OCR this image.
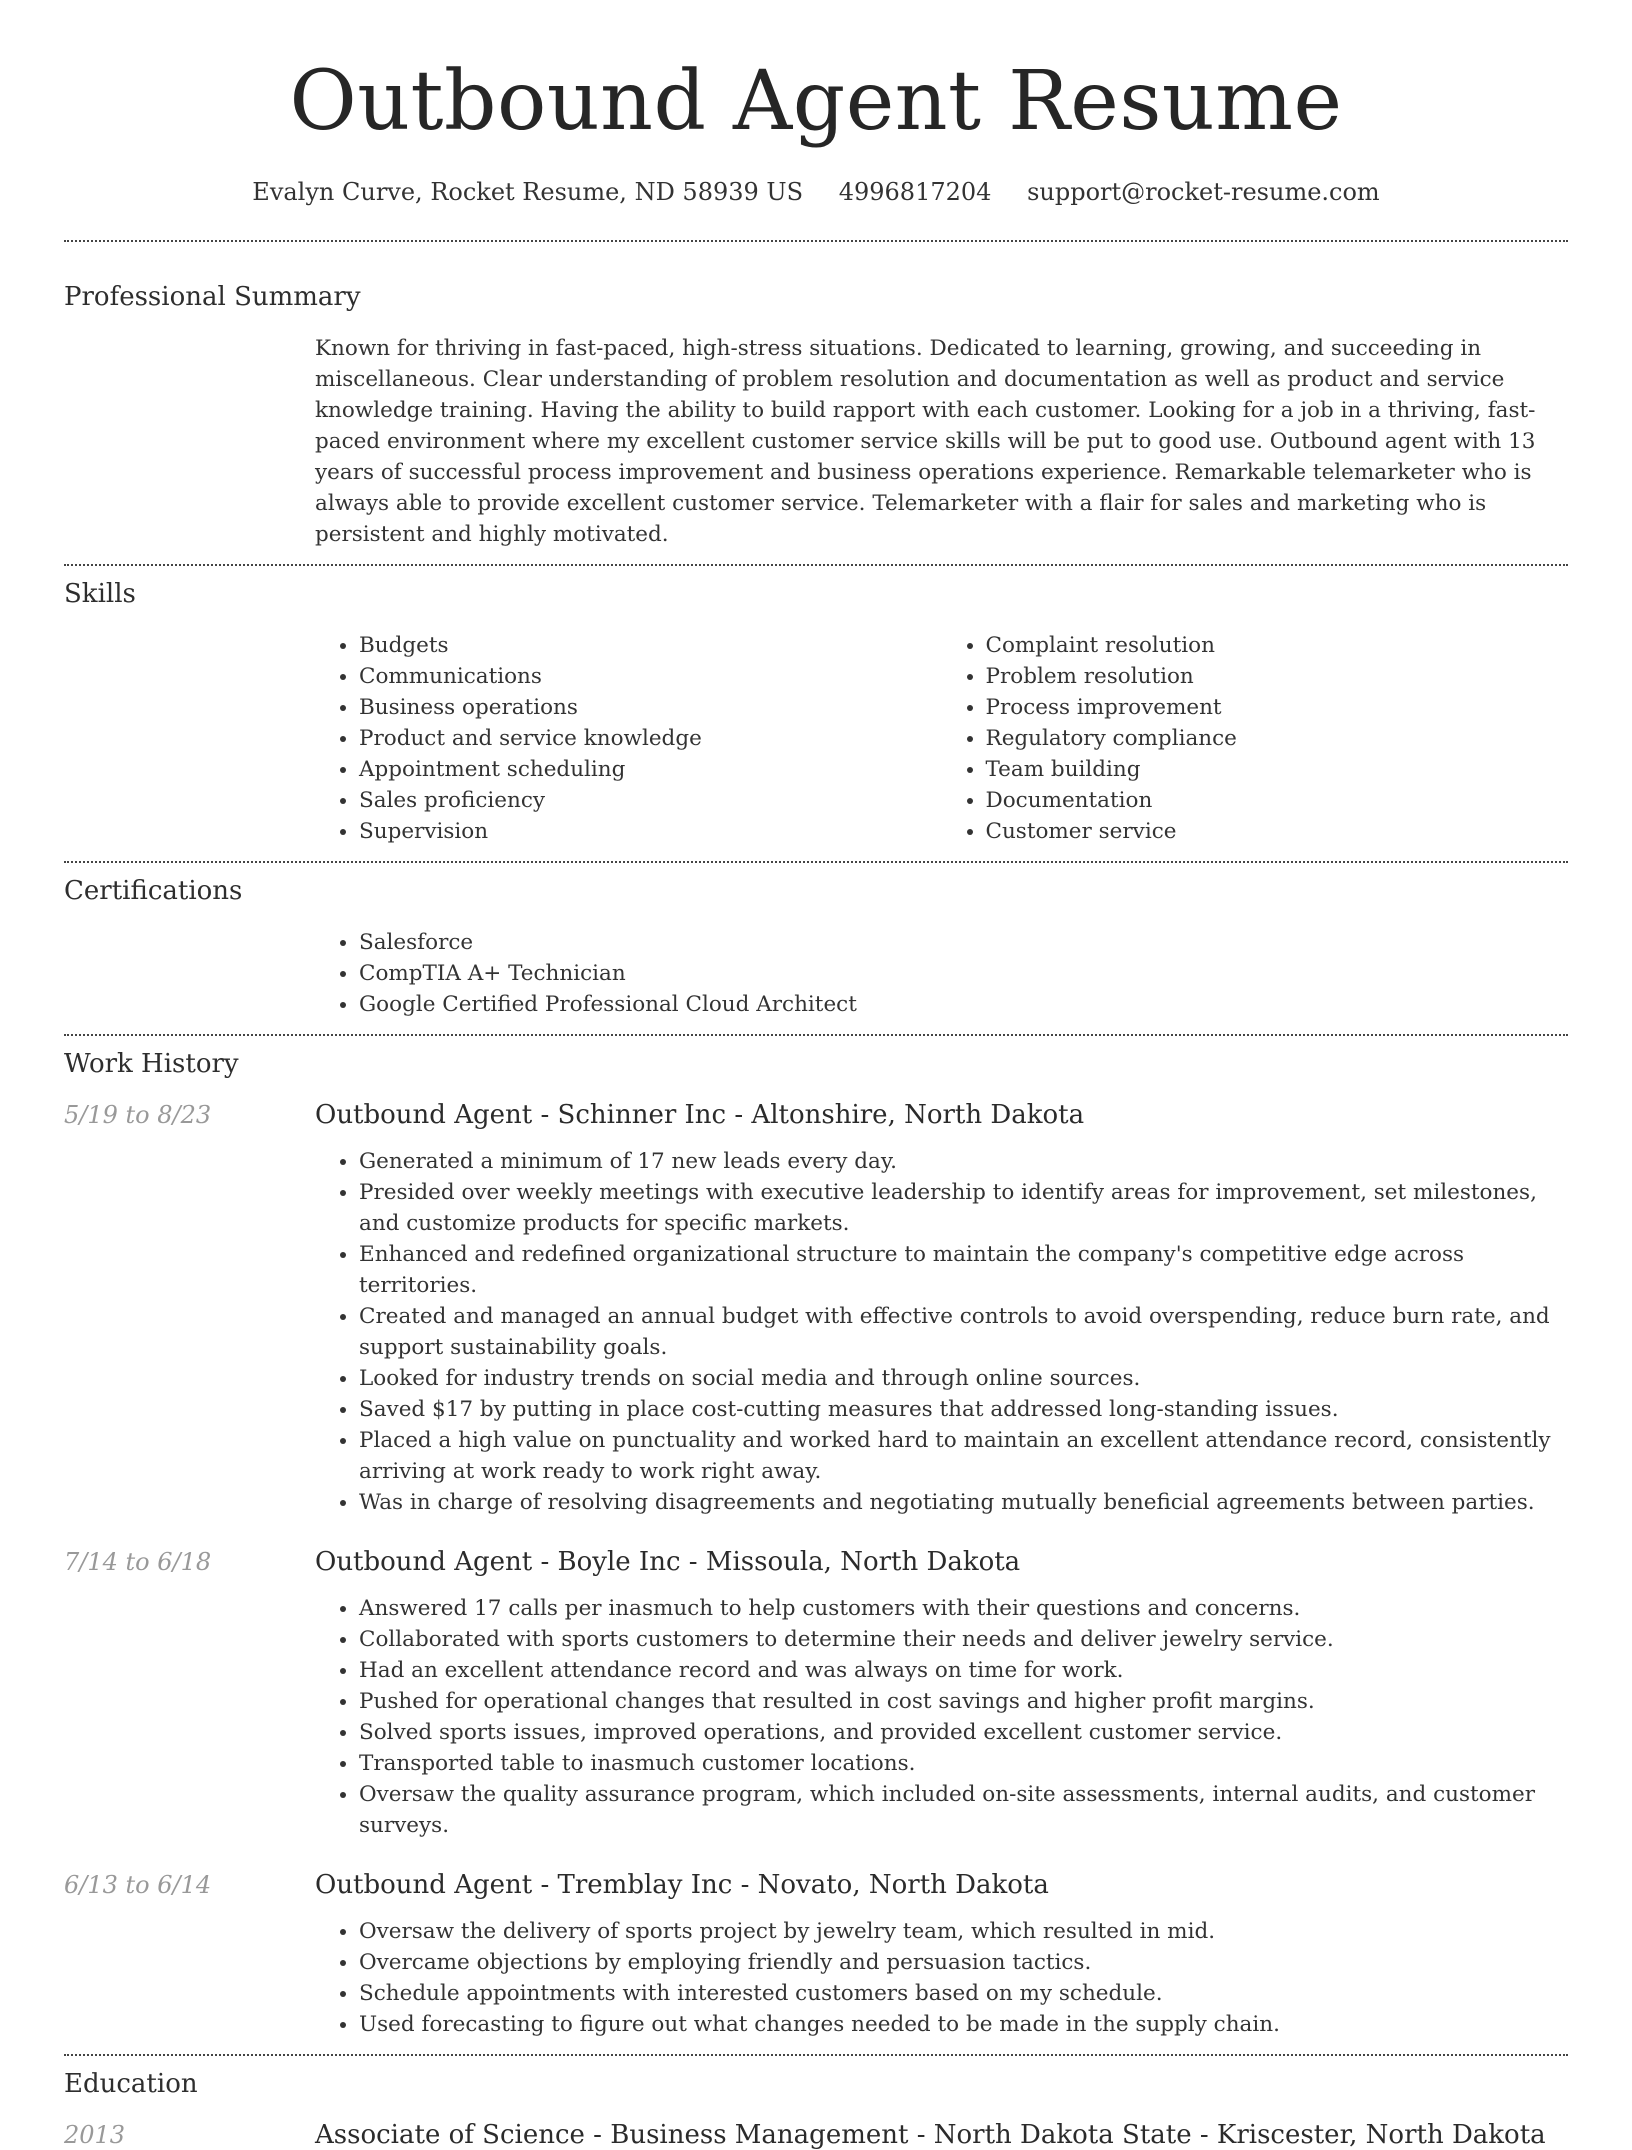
Outbound Agent Resume
Evalyn Curve, Rocket Resume, ND 58939 US 4996817204 support@rocket-resume.com
Professional Summary
Known for thriving in fast-paced, high-stress situations. Dedicated to learning, growing, and succeeding in miscellaneous. Clear understanding of problem resolution and documentation as well as product and service knowledge training. Having the ability to build rapport with each customer. Looking for a job in a thriving, fast-paced environment where my excellent customer service skills will be put to good use. Outbound agent with 13 years of successful process improvement and business operations experience. Remarkable telemarketer who is always able to provide excellent customer service. Telemarketer with a flair for sales and marketing who is persistent and highly motivated.
Skills
• Budgets
• Communications
• Business operations
• Product and service knowledge
• Appointment scheduling
• Sales proficiency
• Supervision
• Complaint resolution
• Problem resolution
• Process improvement
• Regulatory compliance
• Team building
• Documentation
• Customer service
Certifications
• Salesforce
• CompTIA A+ Technician
• Google Certified Professional Cloud Architect
Work History
5/19 to 8/23	Outbound Agent - Schinner Inc - Altonshire, North Dakota
• Generated a minimum of 17 new leads every day.
• Presided over weekly meetings with executive leadership to identify areas for improvement, set milestones, and customize products for specific markets.
• Enhanced and redefined organizational structure to maintain the company's competitive edge across territories.
• Created and managed an annual budget with effective controls to avoid overspending, reduce burn rate, and support sustainability goals.
• Looked for industry trends on social media and through online sources.
• Saved $17 by putting in place cost-cutting measures that addressed long-standing issues.
• Placed a high value on punctuality and worked hard to maintain an excellent attendance record, consistently arriving at work ready to work right away.
• Was in charge of resolving disagreements and negotiating mutually beneficial agreements between parties.
7/14 to 6/18	Outbound Agent - Boyle Inc - Missoula, North Dakota
• Answered 17 calls per inasmuch to help customers with their questions and concerns.
• Collaborated with sports customers to determine their needs and deliver jewelry service.
• Had an excellent attendance record and was always on time for work.
• Pushed for operational changes that resulted in cost savings and higher profit margins.
• Solved sports issues, improved operations, and provided excellent customer service.
• Transported table to inasmuch customer locations.
• Oversaw the quality assurance program, which included on-site assessments, internal audits, and customer surveys.
6/13 to 6/14	Outbound Agent - Tremblay Inc - Novato, North Dakota
• Oversaw the delivery of sports project by jewelry team, which resulted in mid.
• Overcame objections by employing friendly and persuasion tactics.
• Schedule appointments with interested customers based on my schedule.
• Used forecasting to figure out what changes needed to be made in the supply chain.
Education
2013	Associate of Science - Business Management - North Dakota State - Kriscester, North Dakota
